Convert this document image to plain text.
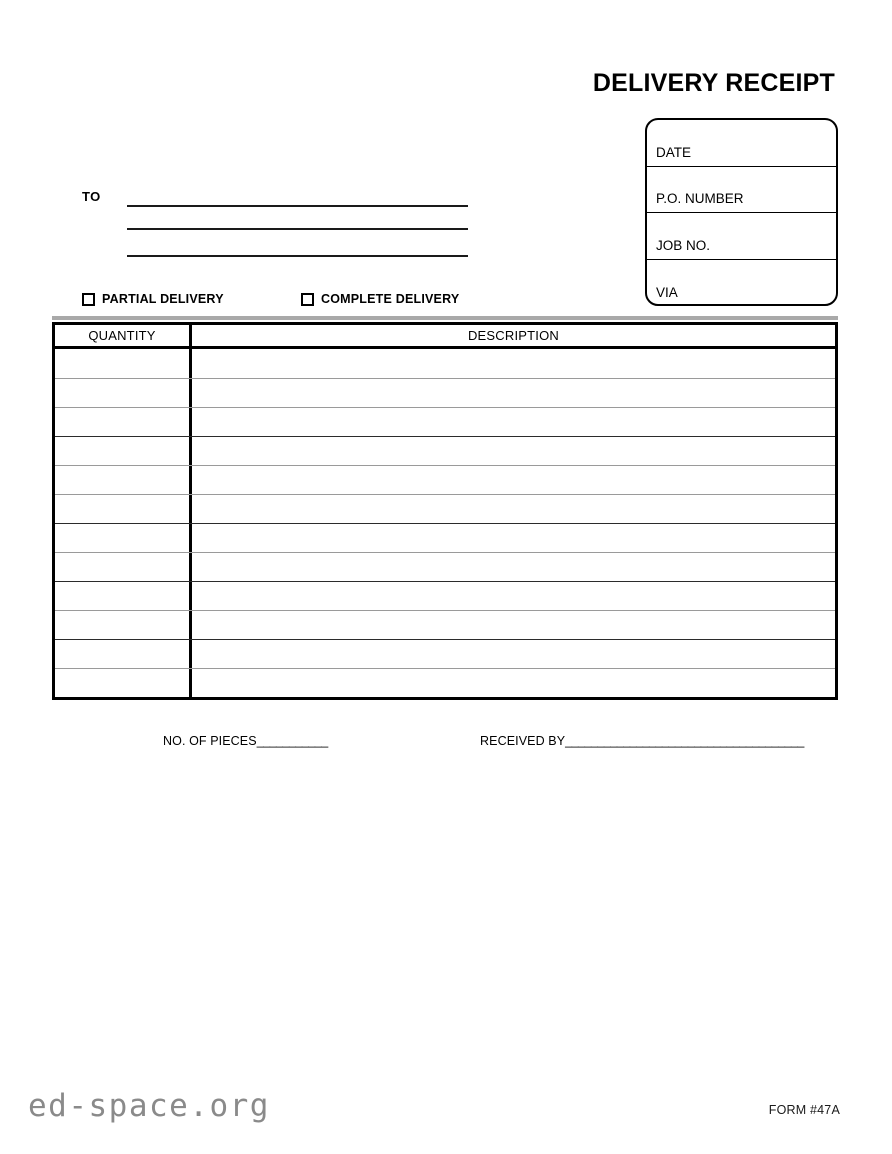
DELIVERY RECEIPT
DATE
P.O. NUMBER
JOB NO.
VIA
TO
PARTIAL DELIVERY	COMPLETE DELIVERY
QUANTITY	DESCRIPTION
NO. OF PIECES___________	RECEIVED BY_____________________________________
ed-space.org	FORM #47A
